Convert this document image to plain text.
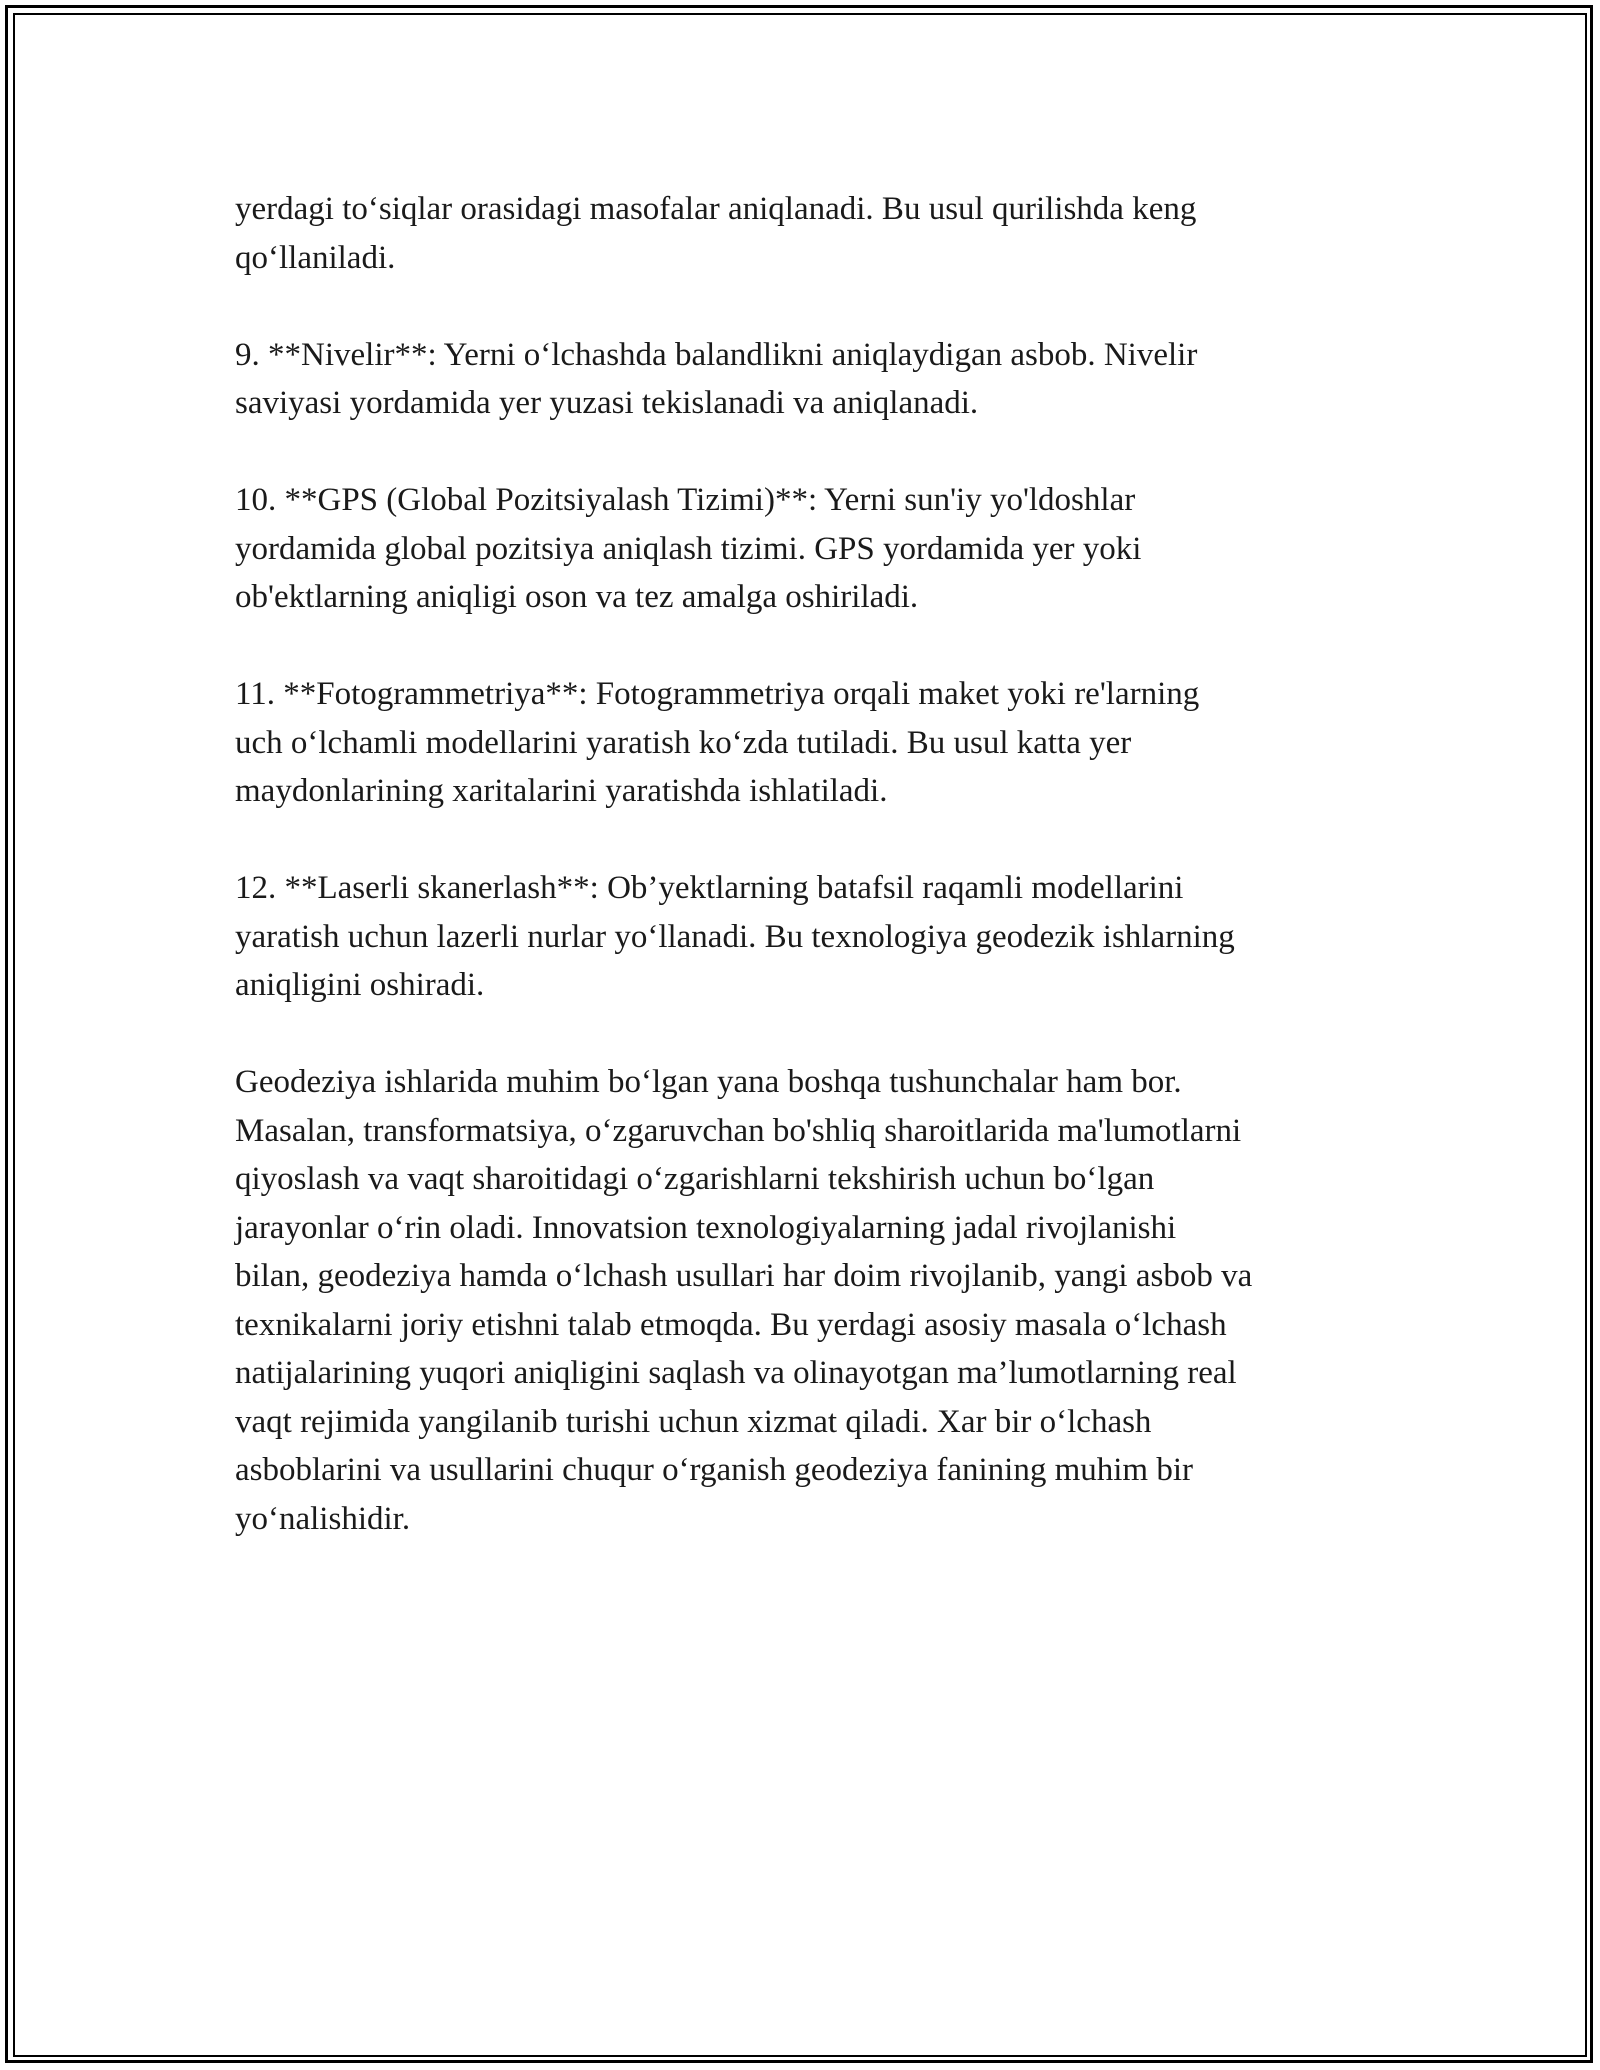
yerdagi to‘siqlar orasidagi masofalar aniqlanadi. Bu usul qurilishda keng
qo‘llaniladi.

9. **Nivelir**: Yerni o‘lchashda balandlikni aniqlaydigan asbob. Nivelir
saviyasi yordamida yer yuzasi tekislanadi va aniqlanadi.

10. **GPS (Global Pozitsiyalash Tizimi)**: Yerni sun'iy yo'ldoshlar
yordamida global pozitsiya aniqlash tizimi. GPS yordamida yer yoki
ob'ektlarning aniqligi oson va tez amalga oshiriladi.

11. **Fotogrammetriya**: Fotogrammetriya orqali maket yoki re'larning
uch o‘lchamli modellarini yaratish ko‘zda tutiladi. Bu usul katta yer
maydonlarining xaritalarini yaratishda ishlatiladi.

12. **Laserli skanerlash**: Ob’yektlarning batafsil raqamli modellarini
yaratish uchun lazerli nurlar yo‘llanadi. Bu texnologiya geodezik ishlarning
aniqligini oshiradi.

Geodeziya ishlarida muhim bo‘lgan yana boshqa tushunchalar ham bor.
Masalan, transformatsiya, o‘zgaruvchan bo'shliq sharoitlarida ma'lumotlarni
qiyoslash va vaqt sharoitidagi o‘zgarishlarni tekshirish uchun bo‘lgan
jarayonlar o‘rin oladi. Innovatsion texnologiyalarning jadal rivojlanishi
bilan, geodeziya hamda o‘lchash usullari har doim rivojlanib, yangi asbob va
texnikalarni joriy etishni talab etmoqda. Bu yerdagi asosiy masala o‘lchash
natijalarining yuqori aniqligini saqlash va olinayotgan ma’lumotlarning real
vaqt rejimida yangilanib turishi uchun xizmat qiladi. Xar bir o‘lchash
asboblarini va usullarini chuqur o‘rganish geodeziya fanining muhim bir
yo‘nalishidir.
